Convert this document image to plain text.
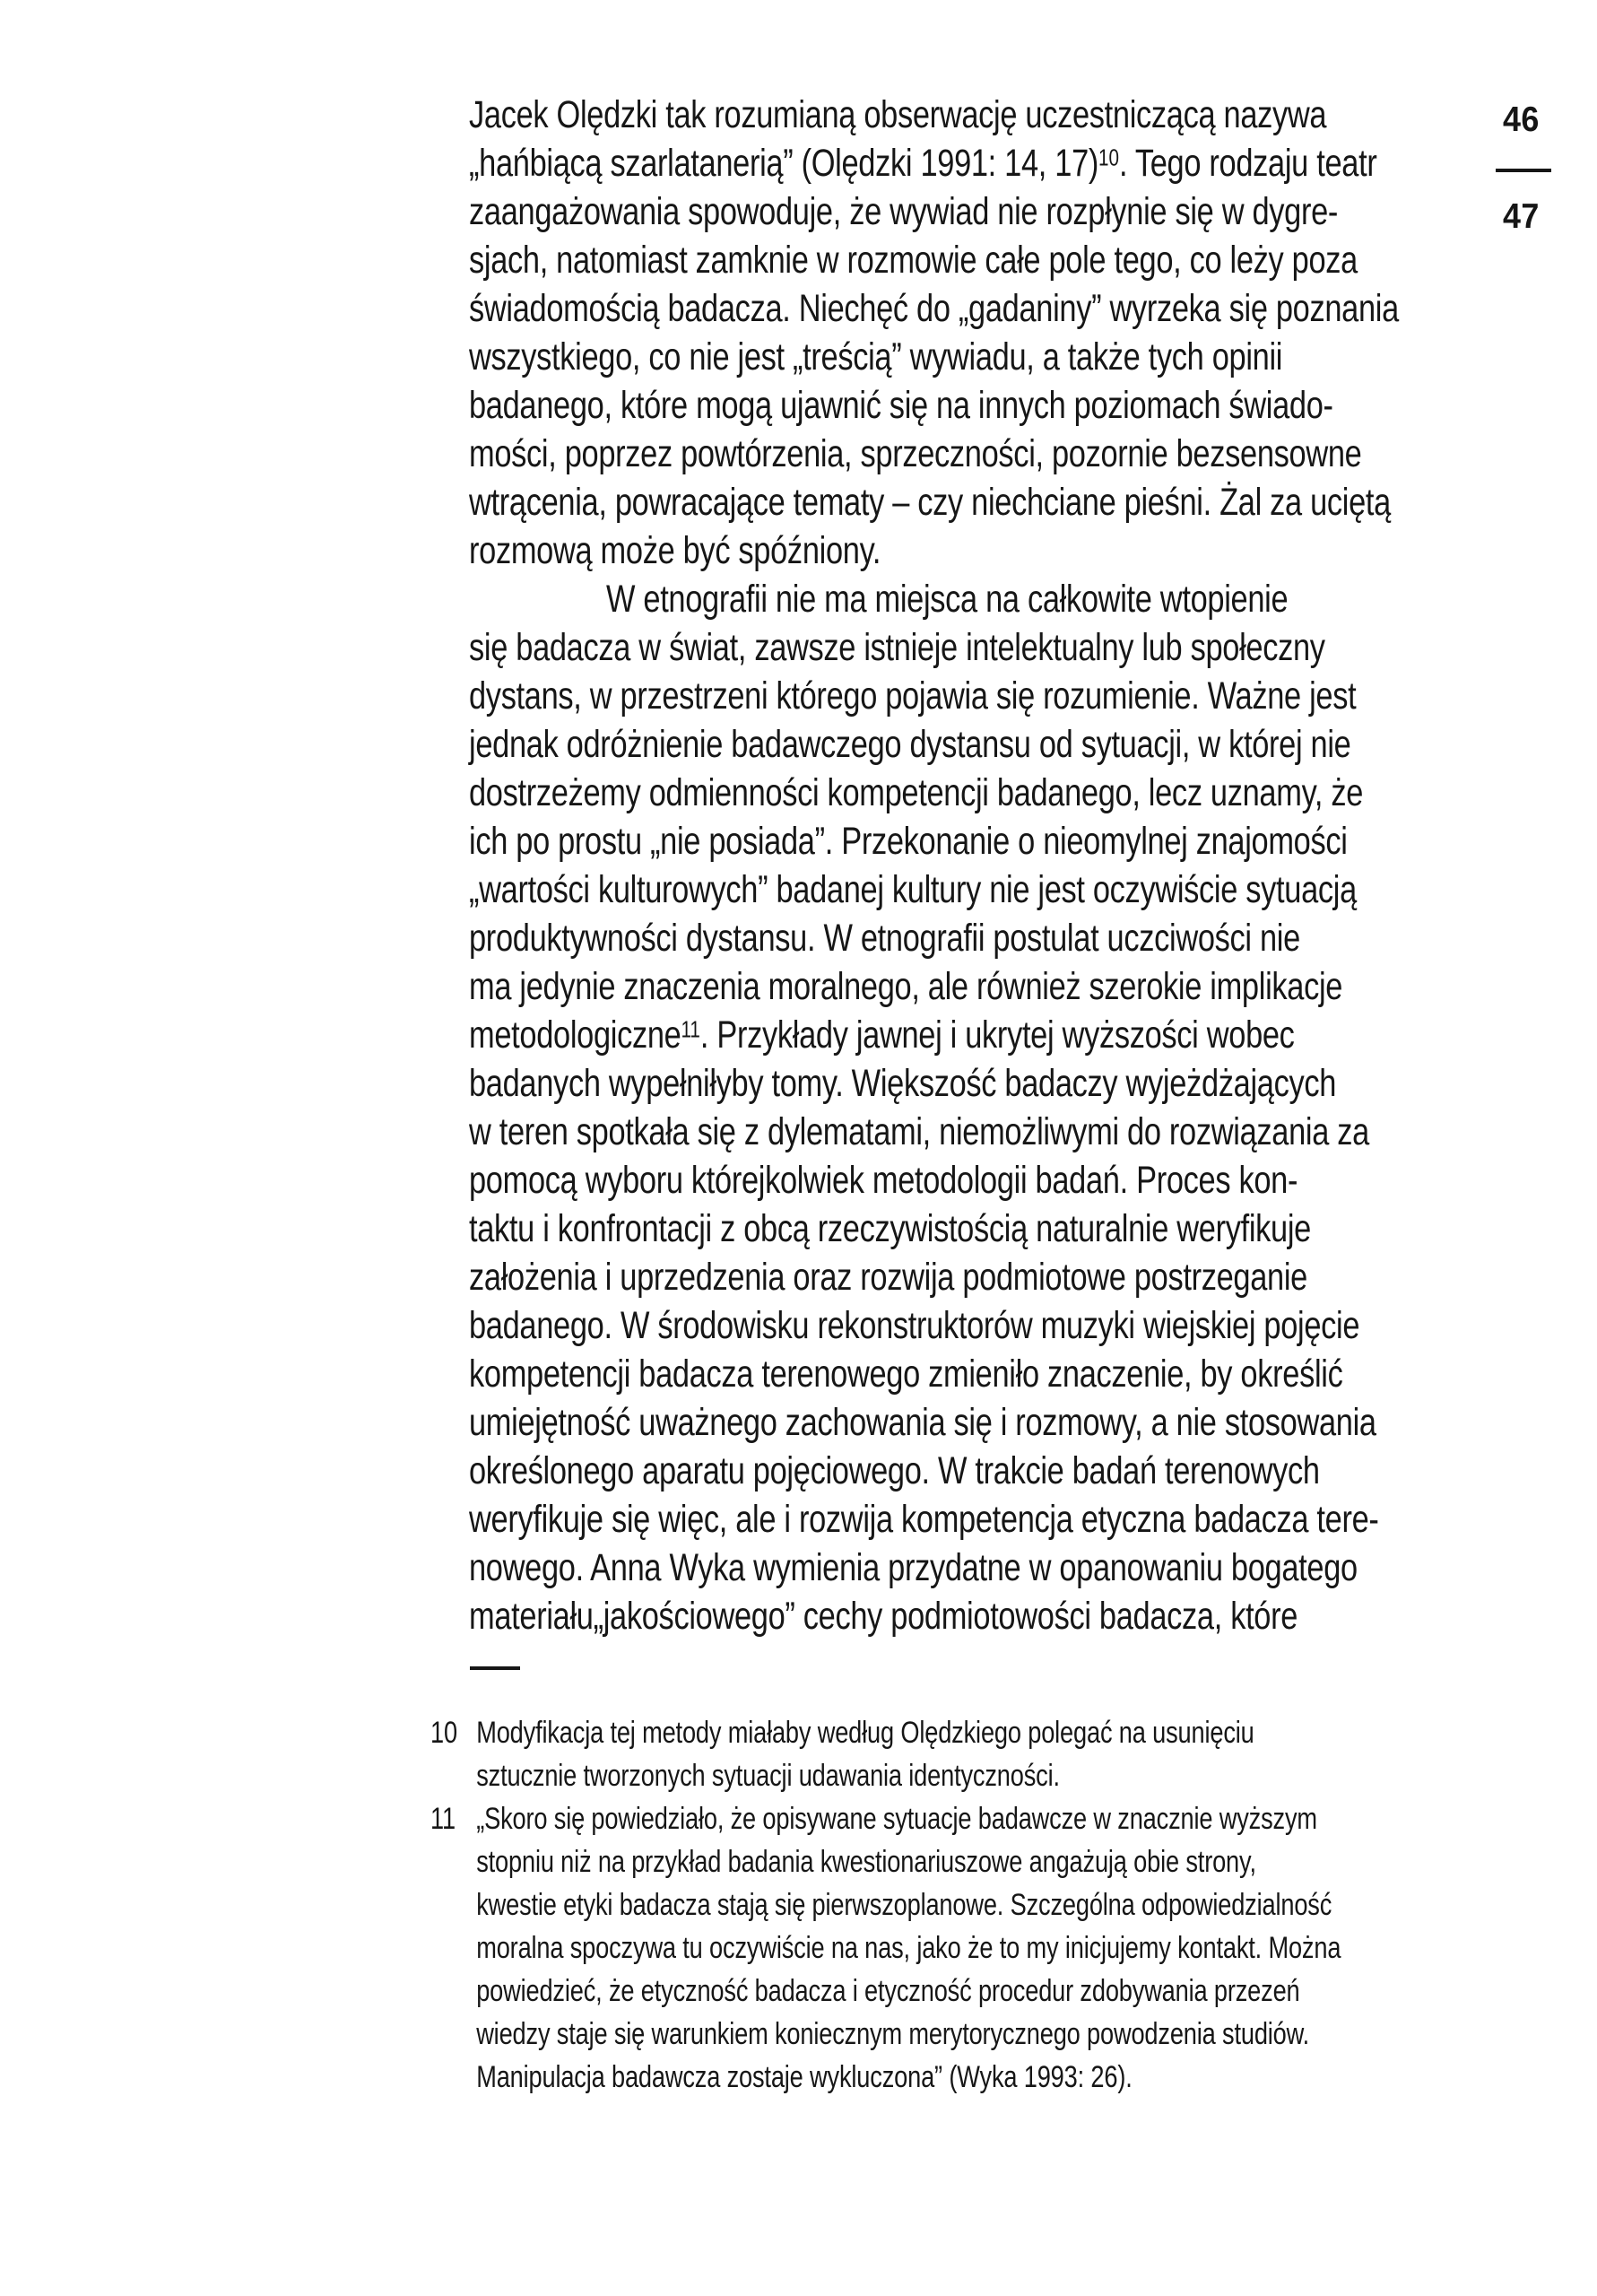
46
47
Jacek Olędzki tak rozumianą obserwację uczestniczącą nazywa
„hańbiącą szarlatanerią” (Olędzki 1991: 14, 17)$^{10}$. Tego rodzaju teatr
zaangażowania spowoduje, że wywiad nie rozpłynie się w dygre-
sjach, natomiast zamknie w rozmowie całe pole tego, co leży poza
świadomością badacza. Niechęć do „gadaniny” wyrzeka się poznania
wszystkiego, co nie jest „treścią” wywiadu, a także tych opinii
badanego, które mogą ujawnić się na innych poziomach świado-
mości, poprzez powtórzenia, sprzeczności, pozornie bezsensowne
wtrącenia, powracające tematy – czy niechciane pieśni. Żal za uciętą
rozmową może być spóźniony.
W etnografii nie ma miejsca na całkowite wtopienie
się badacza w świat, zawsze istnieje intelektualny lub społeczny
dystans, w przestrzeni którego pojawia się rozumienie. Ważne jest
jednak odróżnienie badawczego dystansu od sytuacji, w której nie
dostrzeżemy odmienności kompetencji badanego, lecz uznamy, że
ich po prostu „nie posiada”. Przekonanie o nieomylnej znajomości
„wartości kulturowych” badanej kultury nie jest oczywiście sytuacją
produktywności dystansu. W etnografii postulat uczciwości nie
ma jedynie znaczenia moralnego, ale również szerokie implikacje
metodologiczne$^{11}$. Przykłady jawnej i ukrytej wyższości wobec
badanych wypełniłyby tomy. Większość badaczy wyjeżdżających
w teren spotkała się z dylematami, niemożliwymi do rozwiązania za
pomocą wyboru którejkolwiek metodologii badań. Proces kon-
taktu i konfrontacji z obcą rzeczywistością naturalnie weryfikuje
założenia i uprzedzenia oraz rozwija podmiotowe postrzeganie
badanego. W środowisku rekonstruktorów muzyki wiejskiej pojęcie
kompetencji badacza terenowego zmieniło znaczenie, by określić
umiejętność uważnego zachowania się i rozmowy, a nie stosowania
określonego aparatu pojęciowego. W trakcie badań terenowych
weryfikuje się więc, ale i rozwija kompetencja etyczna badacza tere-
nowego. Anna Wyka wymienia przydatne w opanowaniu bogatego
materiału„jakościowego” cechy podmiotowości badacza, które
10 Modyfikacja tej metody miałaby według Olędzkiego polegać na usunięciu
sztucznie tworzonych sytuacji udawania identyczności.
11 „Skoro się powiedziało, że opisywane sytuacje badawcze w znacznie wyższym
stopniu niż na przykład badania kwestionariuszowe angażują obie strony,
kwestie etyki badacza stają się pierwszoplanowe. Szczególna odpowiedzialność
moralna spoczywa tu oczywiście na nas, jako że to my inicjujemy kontakt. Można
powiedzieć, że etyczność badacza i etyczność procedur zdobywania przezeń
wiedzy staje się warunkiem koniecznym merytorycznego powodzenia studiów.
Manipulacja badawcza zostaje wykluczona” (Wyka 1993: 26).
